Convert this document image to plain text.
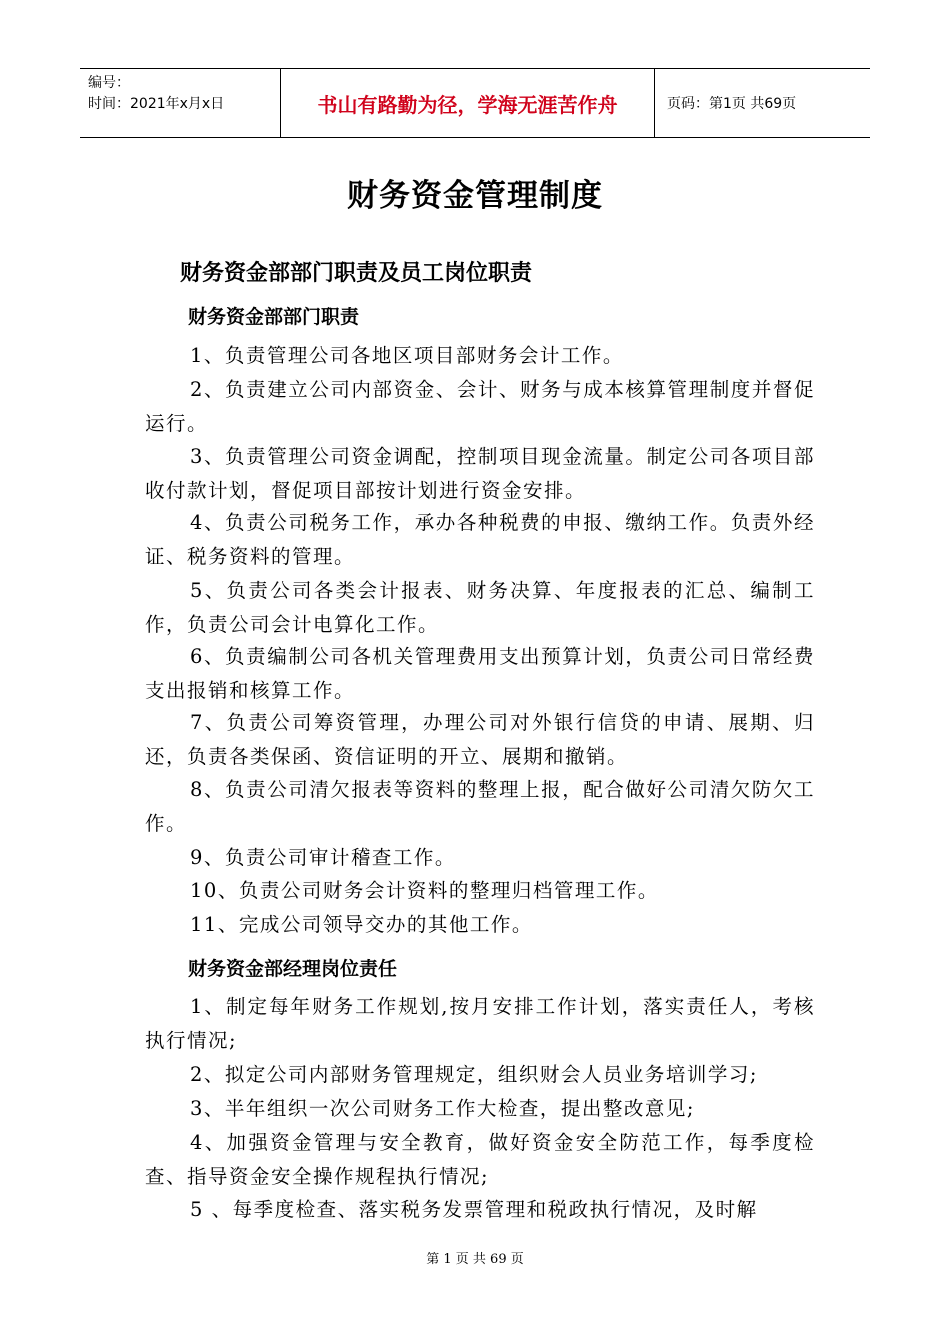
编号：
时间：2021年x月x日	书山有路勤为径，学海无涯苦作舟	页码：第1页 共69页
财务资金管理制度
财务资金部部门职责及员工岗位职责
财务资金部部门职责

1、负责管理公司各地区项目部财务会计工作。

2、负责建立公司内部资金、会计、财务与成本核算管理制度并督促运行。

3、负责管理公司资金调配，控制项目现金流量。制定公司各项目部收付款计划，督促项目部按计划进行资金安排。

4、负责公司税务工作，承办各种税费的申报、缴纳工作。负责外经证、税务资料的管理。

5、负责公司各类会计报表、财务决算、年度报表的汇总、编制工作，负责公司会计电算化工作。

6、负责编制公司各机关管理费用支出预算计划，负责公司日常经费支出报销和核算工作。

7、负责公司筹资管理，办理公司对外银行信贷的申请、展期、归还，负责各类保函、资信证明的开立、展期和撤销。

8、负责公司清欠报表等资料的整理上报，配合做好公司清欠防欠工作。

9、负责公司审计稽查工作。

10、负责公司财务会计资料的整理归档管理工作。

11、完成公司领导交办的其他工作。

财务资金部经理岗位责任

1、制定每年财务工作规划,按月安排工作计划，落实责任人，考核执行情况;

2、拟定公司内部财务管理规定，组织财会人员业务培训学习;

3、半年组织一次公司财务工作大检查，提出整改意见;

4、加强资金管理与安全教育，做好资金安全防范工作，每季度检查、指导资金安全操作规程执行情况;

5 、每季度检查、落实税务发票管理和税政执行情况，及时解

第 1 页 共 69 页
